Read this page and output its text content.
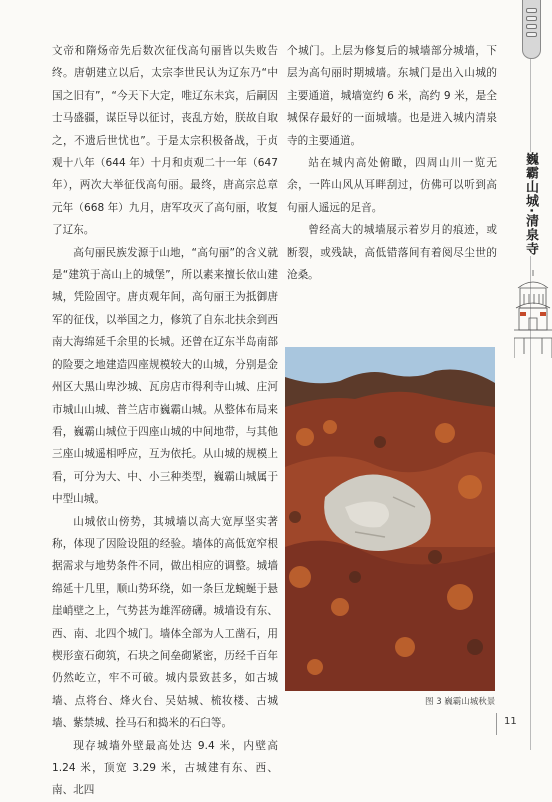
文帝和隋炀帝先后数次征伐高句丽皆以失败告终。唐朝建立以后，太宗李世民认为辽东乃“中国之旧有”，“今天下大定，唯辽东未宾，后嗣因士马盛疆，谋臣导以征讨，丧乱方始，朕故自取之，不遗后世忧也”。于是太宗积极备战，于贞观十八年（644 年）十月和贞观二十一年（647 年），两次大举征伐高句丽。最终，唐高宗总章元年（668 年）九月，唐军攻灭了高句丽，收复了辽东。

高句丽民族发源于山地，“高句丽”的含义就是“建筑于高山上的城堡”，所以素来擅长依山建城，凭险固守。唐贞观年间，高句丽王为抵御唐军的征伐，以举国之力，修筑了自东北扶余到西南大海绵延千余里的长城。还曾在辽东半岛南部的险要之地建造四座规模较大的山城，分别是金州区大黑山卑沙城、瓦房店市得利寺山城、庄河市城山山城、普兰店市巍霸山城。从整体布局来看，巍霸山城位于四座山城的中间地带，与其他三座山城遥相呼应，互为依托。从山城的规模上看，可分为大、中、小三种类型，巍霸山城属于中型山城。

山城依山傍势，其城墙以高大宽厚坚实著称，体现了因险设阻的经验。墙体的高低宽窄根据需求与地势条件不同，做出相应的调整。城墙绵延十几里，顺山势环绕，如一条巨龙蜿蜒于悬崖峭壁之上，气势甚为雄浑磅礴。城墙设有东、西、南、北四个城门。墙体全部为人工凿石，用楔形蛮石砌筑，石块之间垒砌紧密，历经千百年仍然屹立，牢不可破。城内景致甚多，如古城墙、点将台、烽火台、吴姑城、梳妆楼、古城墙、紫禁城、拴马石和捣米的石臼等。

现存城墙外壁最高处达 9.4 米，内壁高 1.24 米，顶宽 3.29 米，古城建有东、西、南、北四

个城门。上层为修复后的城墙部分城墙，下层为高句丽时期城墙。东城门是出入山城的主要通道，城墙宽约 6 米，高约 9 米，是全城保存最好的一面城墙。也是进入城内清泉寺的主要通道。

站在城内高处俯瞰，四周山川一览无余，一阵山风从耳畔刮过，仿佛可以听到高句丽人遥远的足音。

曾经高大的城墙展示着岁月的痕迹，或断裂，或残缺，高低错落间有着阅尽尘世的沧桑。

巍霸山城·清泉寺
图 3 巍霸山城秋景
11
